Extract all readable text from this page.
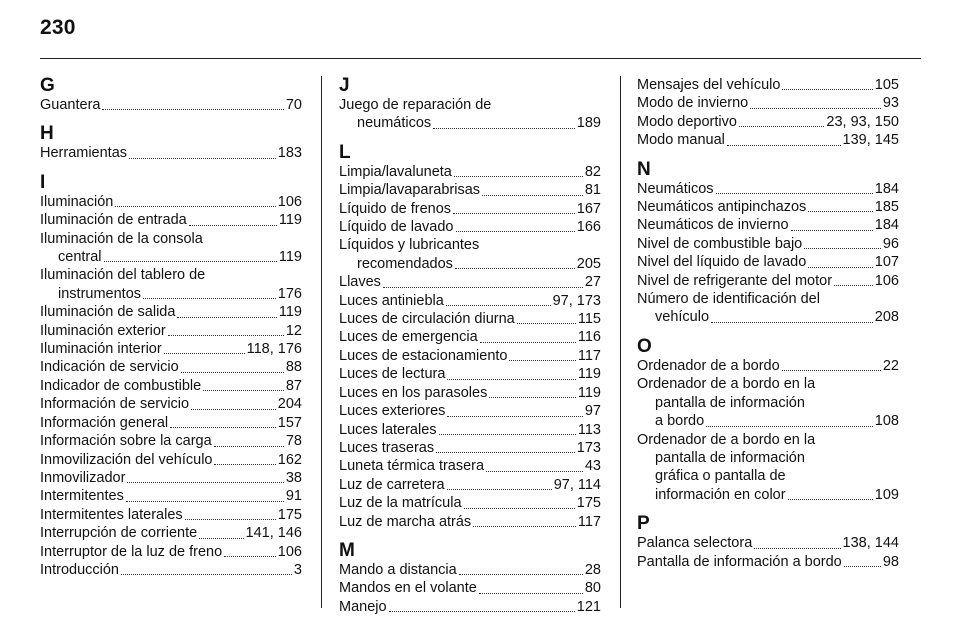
230
G
Guantera	70
H
Herramientas	183
I
Iluminación	106
Iluminación de entrada	119
Iluminación de la consola
central	119
Iluminación del tablero de
instrumentos	176
Iluminación de salida	119
Iluminación exterior	12
Iluminación interior	118, 176
Indicación de servicio	88
Indicador de combustible	87
Información de servicio	204
Información general	157
Información sobre la carga	78
Inmovilización del vehículo	162
Inmovilizador	38
Intermitentes	91
Intermitentes laterales	175
Interrupción de corriente	141, 146
Interruptor de la luz de freno	106
Introducción	3
J
Juego de reparación de
neumáticos	189
L
Limpia/lavaluneta	82
Limpia/lavaparabrisas	81
Líquido de frenos	167
Líquido de lavado	166
Líquidos y lubricantes
recomendados	205
Llaves	27
Luces antiniebla	97, 173
Luces de circulación diurna	115
Luces de emergencia	116
Luces de estacionamiento	117
Luces de lectura	119
Luces en los parasoles	119
Luces exteriores	97
Luces laterales	113
Luces traseras	173
Luneta térmica trasera	43
Luz de carretera	97, 114
Luz de la matrícula	175
Luz de marcha atrás	117
M
Mando a distancia	28
Mandos en el volante	80
Manejo	121
Mensajes del vehículo	105
Modo de invierno	93
Modo deportivo	23, 93, 150
Modo manual	139, 145
N
Neumáticos	184
Neumáticos antipinchazos	185
Neumáticos de invierno	184
Nivel de combustible bajo	96
Nivel del líquido de lavado	107
Nivel de refrigerante del motor	106
Número de identificación del
vehículo	208
O
Ordenador de a bordo	22
Ordenador de a bordo en la
pantalla de información
a bordo	108
Ordenador de a bordo en la
pantalla de información
gráfica o pantalla de
información en color	109
P
Palanca selectora	138, 144
Pantalla de información a bordo	98
